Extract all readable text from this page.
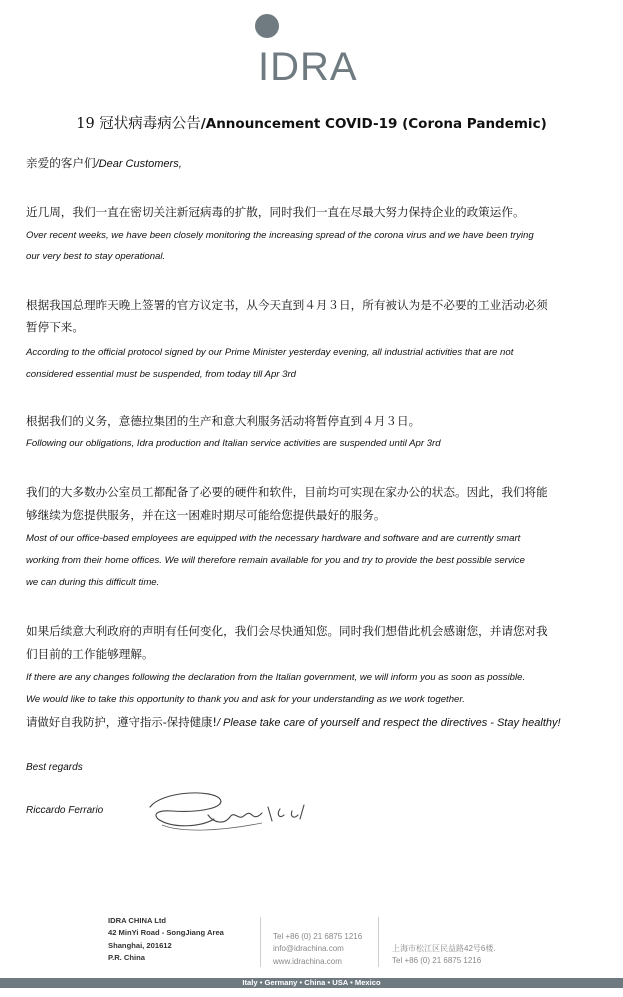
IDRA
19 冠状病毒病公告/Announcement COVID-19 (Corona Pandemic)
亲爱的客户们/Dear Customers,
近几周，我们一直在密切关注新冠病毒的扩散，同时我们一直在尽最大努力保持企业的政策运作。
Over recent weeks, we have been closely monitoring the increasing spread of the corona virus and we have been trying
our very best to stay operational.
根据我国总理昨天晚上签署的官方议定书，从今天直到４月３日，所有被认为是不必要的工业活动必须
暂停下来。
According to the official protocol signed by our Prime Minister yesterday evening, all industrial activities that are not
considered essential must be suspended, from today till Apr 3rd
根据我们的义务，意德拉集团的生产和意大利服务活动将暂停直到４月３日。
Following our obligations, Idra production and Italian service activities are suspended until Apr 3rd
我们的大多数办公室员工都配备了必要的硬件和软件，目前均可实现在家办公的状态。因此，我们将能
够继续为您提供服务，并在这一困难时期尽可能给您提供最好的服务。
Most of our office-based employees are equipped with the necessary hardware and software and are currently smart
working from their home offices. We will therefore remain available for you and try to provide the best possible service
we can during this difficult time.
如果后续意大利政府的声明有任何变化，我们会尽快通知您。同时我们想借此机会感谢您，并请您对我
们目前的工作能够理解。
If there are any changes following the declaration from the Italian government, we will inform you as soon as possible.
We would like to take this opportunity to thank you and ask for your understanding as we work together.
请做好自我防护，遵守指示-保持健康!/ Please take care of yourself and respect the directives - Stay healthy!
Best regards
Riccardo Ferrario
IDRA CHINA Ltd
42 MinYi Road - SongJiang Area
Shanghai, 201612
P.R. China
Tel +86 (0) 21 6875 1216
info@idrachina.com
www.idrachina.com
上海市松江区民益路42号6楼.
Tel +86 (0) 21 6875 1216
Italy • Germany • China • USA • Mexico
